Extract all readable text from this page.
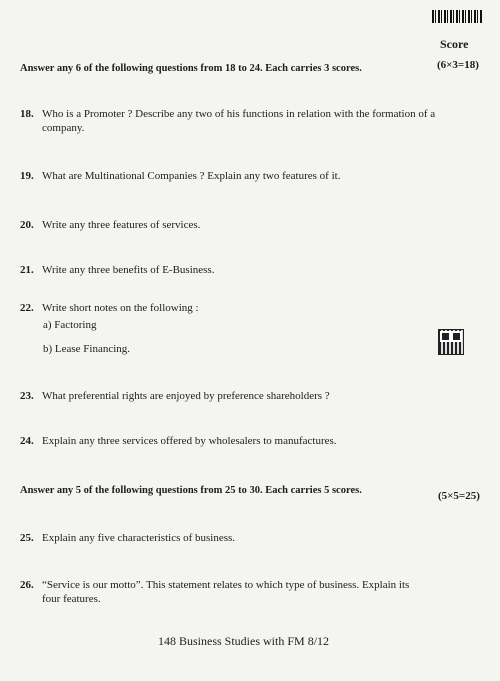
Score
Answer any 6 of the following questions from 18 to 24. Each carries 3 scores.	(6×3=18)
18. Who is a Promoter ? Describe any two of his functions in relation with the formation of a
company.
19. What are Multinational Companies ? Explain any two features of it.
20. Write any three features of services.
21. Write any three benefits of E-Business.
22. Write short notes on the following :
a) Factoring
b) Lease Financing.
23. What preferential rights are enjoyed by preference shareholders ?
24. Explain any three services offered by wholesalers to manufactures.
Answer any 5 of the following questions from 25 to 30. Each carries 5 scores.	(5×5=25)
25. Explain any five characteristics of business.
26. “Service is our motto”. This statement relates to which type of business. Explain its
four features.
148 Business Studies with FM 8/12
